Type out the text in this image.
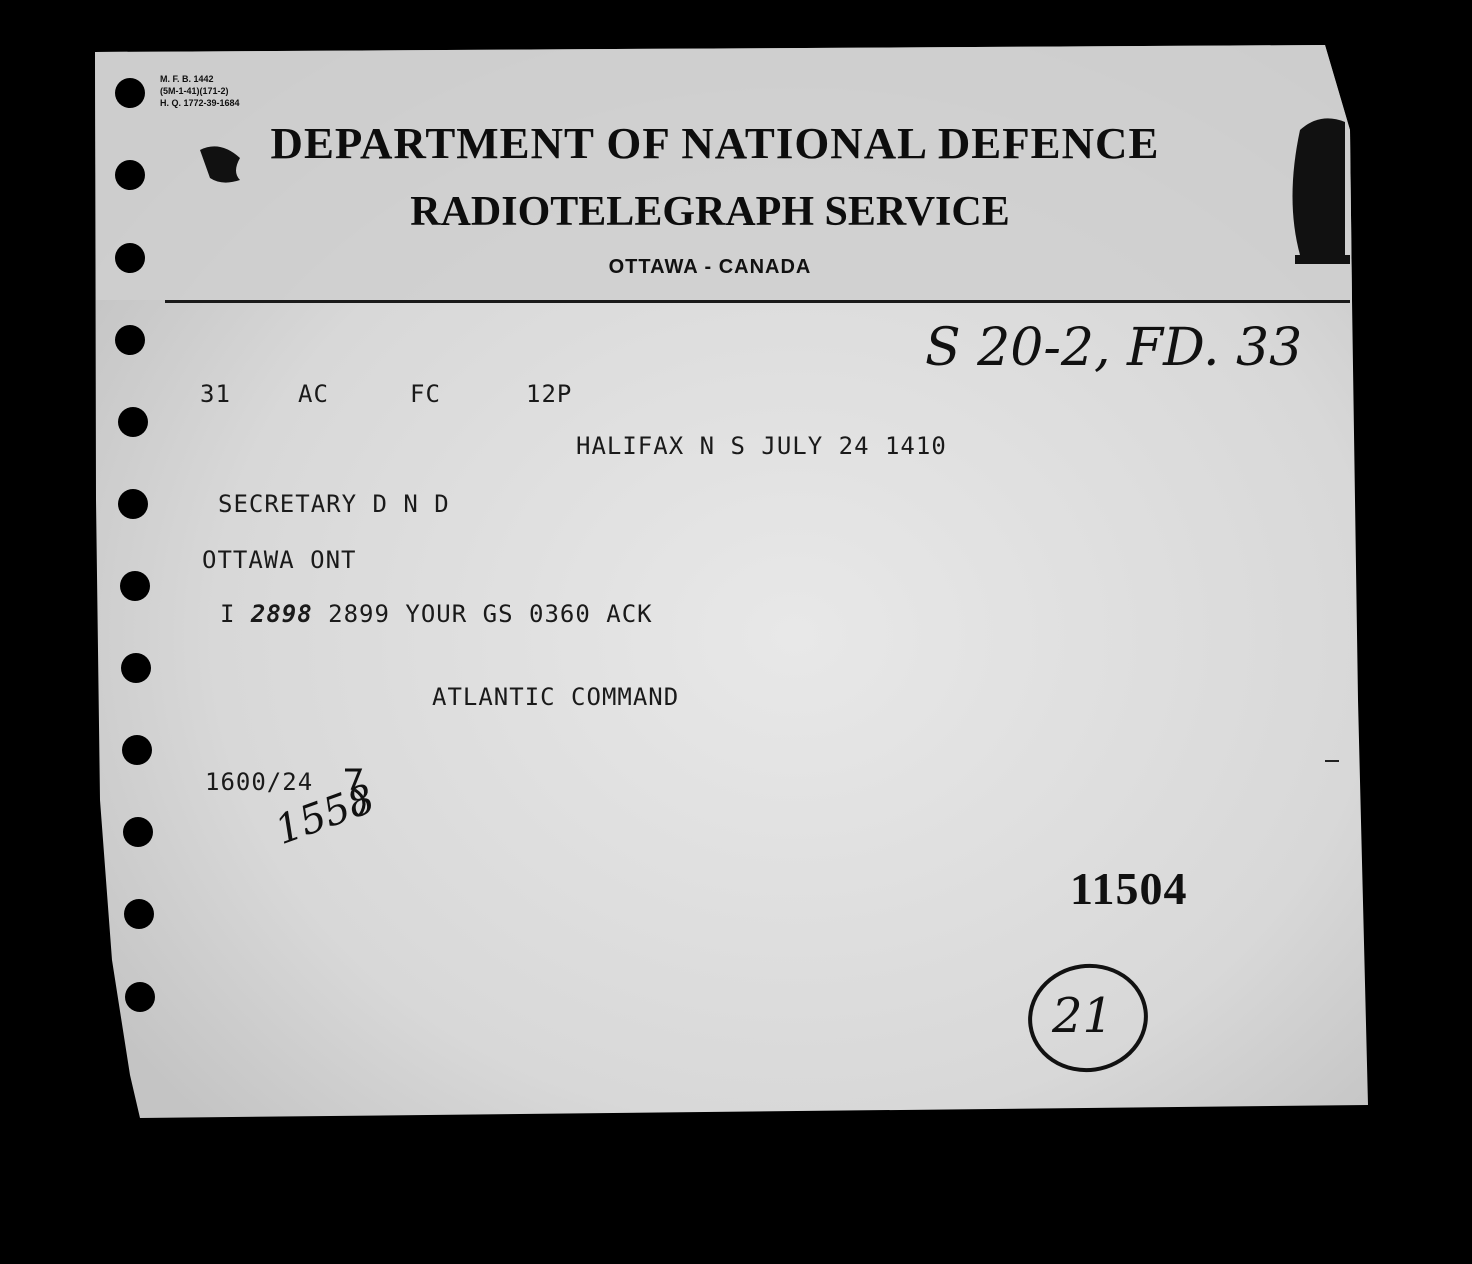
M. F. B. 1442
(5M-1-41)(171-2)
H. Q. 1772-39-1684
DEPARTMENT OF NATIONAL DEFENCE
RADIOTELEGRAPH SERVICE
OTTAWA - CANADA
S 20-2, FD. 33
31	AC	FC	12P
HALIFAX N S JULY 24 1410
SECRETARY D N D
OTTAWA ONT
I 2898 2899 YOUR GS 0360 ACK
ATLANTIC COMMAND
1600/24
1558
11504
21
